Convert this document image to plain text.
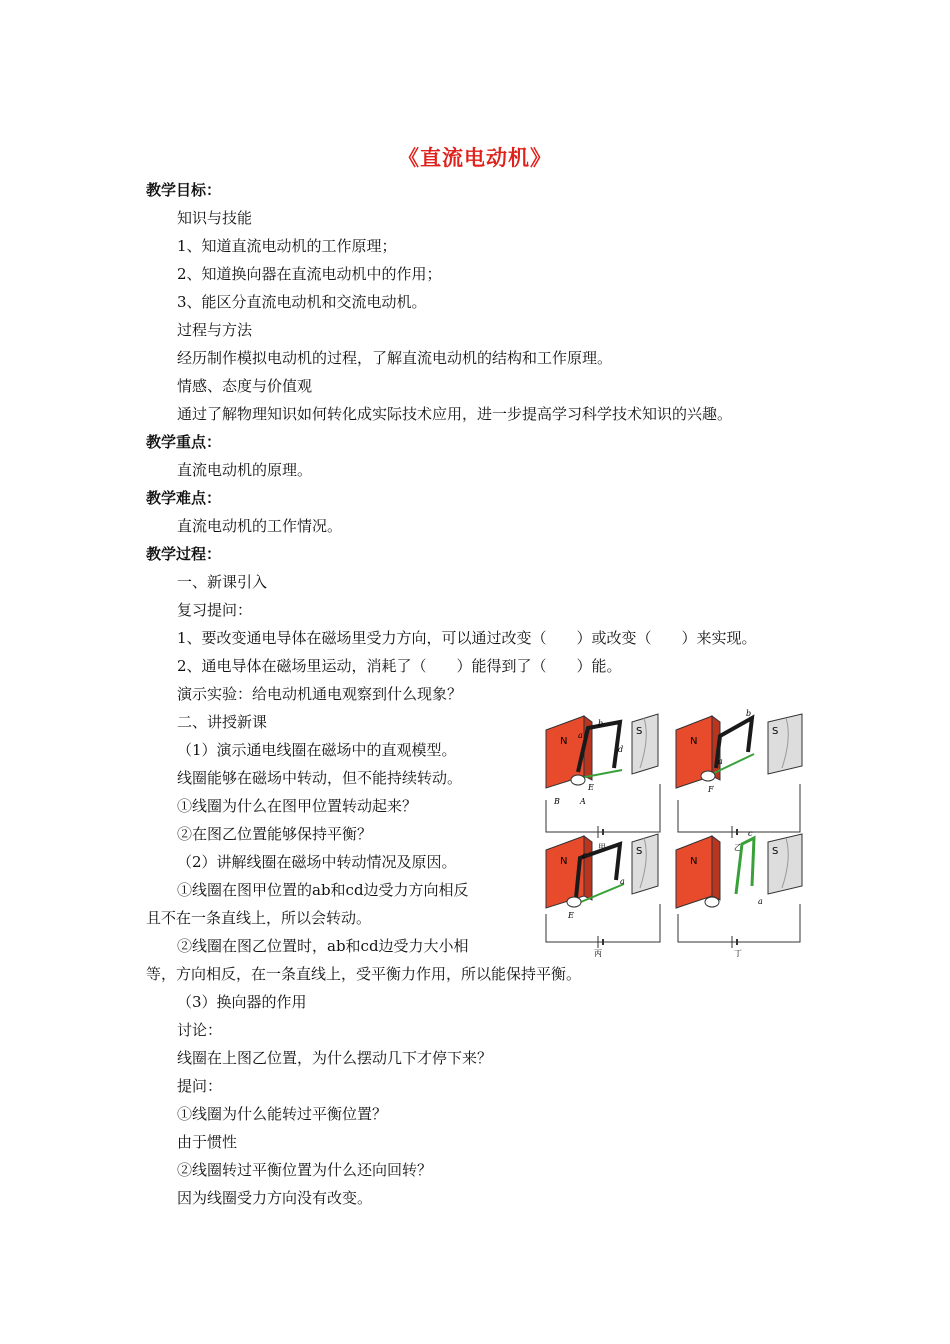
《直流电动机》
教学目标：
知识与技能
1、知道直流电动机的工作原理；
2、知道换向器在直流电动机中的作用；
3、能区分直流电动机和交流电动机。
过程与方法
经历制作模拟电动机的过程，了解直流电动机的结构和工作原理。
情感、态度与价值观
通过了解物理知识如何转化成实际技术应用，进一步提高学习科学技术知识的兴趣。
教学重点：
直流电动机的原理。
教学难点：
直流电动机的工作情况。
教学过程：
一、新课引入
复习提问：
1、要改变通电导体在磁场里受力方向，可以通过改变（　　）或改变（　　）来实现。
2、通电导体在磁场里运动，消耗了（　　）能得到了（　　）能。
演示实验：给电动机通电观察到什么现象？
二、讲授新课
（1）演示通电线圈在磁场中的直观模型。
线圈能够在磁场中转动，但不能持续转动。
①线圈为什么在图甲位置转动起来？
②在图乙位置能够保持平衡？
（2）讲解线圈在磁场中转动情况及原因。
①线圈在图甲位置的ab和cd边受力方向相反
且不在一条直线上，所以会转动。
②线圈在图乙位置时，ab和cd边受力大小相
等，方向相反，在一条直线上，受平衡力作用，所以能保持平衡。
（3）换向器的作用
讨论：
线圈在上图乙位置，为什么摆动几下才停下来？
提问：
①线圈为什么能转过平衡位置？
由于惯性
②线圈转过平衡位置为什么还向回转？
因为线圈受力方向没有改变。
N
S
a
b
d
E
B	A
甲
N
S
b
a
F
乙
N
S
c
a
E
丙
N
S
c
a
丁
